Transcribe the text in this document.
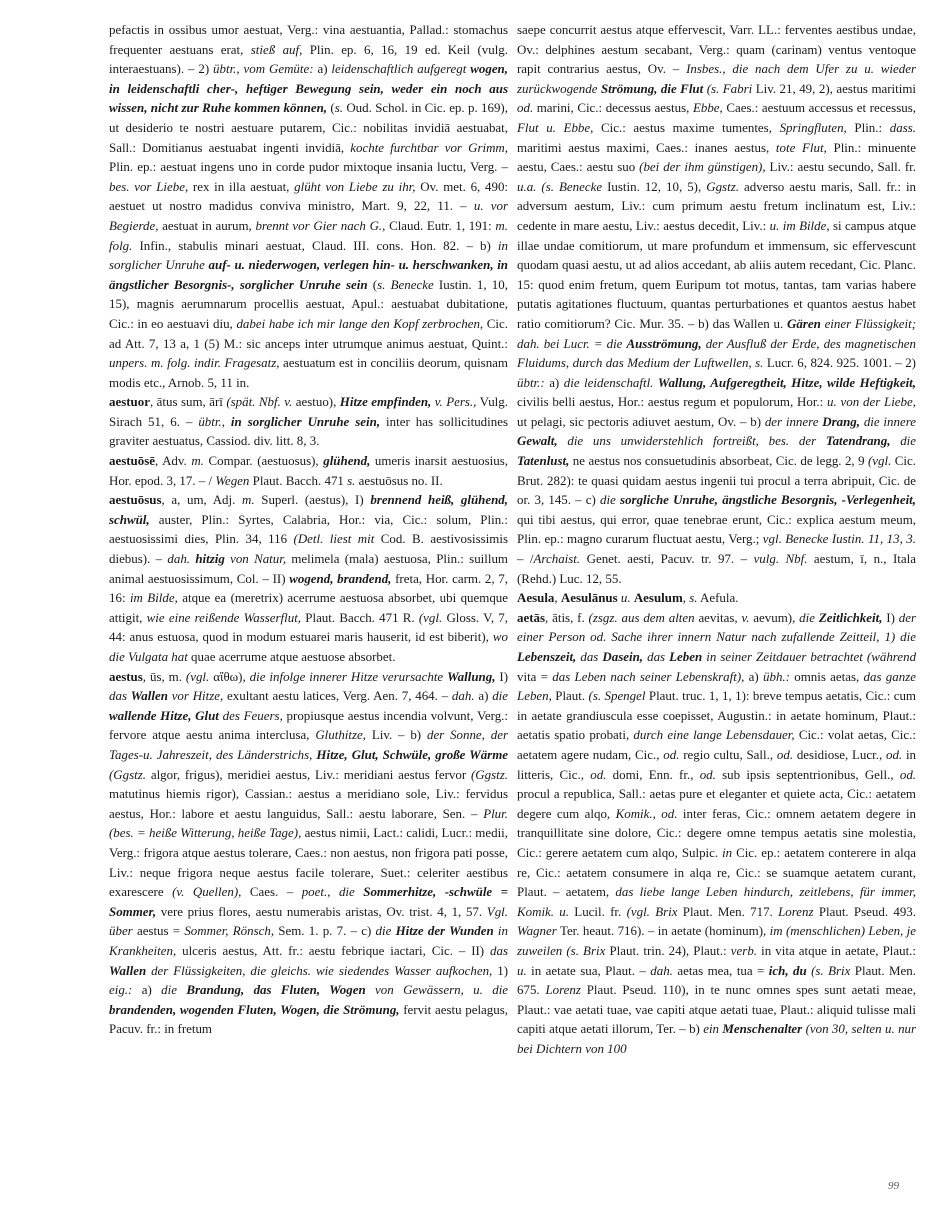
pefactis in ossibus umor aestuat, Verg.: vina aestuantia, Pallad.: stomachus frequenter aestuans erat, stieß auf, Plin. ep. 6, 16, 19 ed. Keil (vulg. interaestuans). – 2) übtr., vom Gemüte: a) leidenschaftlich aufgeregt wogen, in leidenschaftli cher-, heftiger Bewegung sein, weder ein noch aus wissen, nicht zur Ruhe kommen können, (s. Oud. Schol. in Cic. ep. p. 169), ut desiderio te nostri aestuare putarem, Cic.: nobilitas invidiā aestuabat, Sall.: Domitianus aestuabat ingenti invidiā, kochte furchtbar vor Grimm, Plin. ep.: aestuat ingens uno in corde pudor mixtoque insania luctu, Verg. – bes. vor Liebe, rex in illa aestuat, glüht von Liebe zu ihr, Ov. met. 6, 490: aestuet ut nostro madidus conviva ministro, Mart. 9, 22, 11. – u. vor Begierde, aestuat in aurum, brennt vor Gier nach G., Claud. Eutr. 1, 191: m. folg. Infin., stabulis minari aestuat, Claud. III. cons. Hon. 82. – b) in sorglicher Unruhe auf- u. niederwogen, verlegen hin- u. herschwanken, in ängstlicher Besorgnis-, sorglicher Unruhe sein (s. Benecke Iustin. 1, 10, 15), magnis aerumnarum procellis aestuat, Apul.: aestuabat dubitatione, Cic.: in eo aestuavi diu, dabei habe ich mir lange den Kopf zerbrochen, Cic. ad Att. 7, 13 a, 1 (5) M.: sic anceps inter utrumque animus aestuat, Quint.: unpers. m. folg. indir. Fragesatz, aestuatum est in conciliis deorum, quisnam modis etc., Arnob. 5, 11 in.

aestuor, ātus sum, ārī (spät. Nbf. v. aestuo), Hitze empfinden, v. Pers., Vulg. Sirach 51, 6. – übtr., in sorglicher Unruhe sein, inter has sollicitudines graviter aestuatus, Cassiod. div. litt. 8, 3.

aestuōsē, Adv. m. Compar. (aestuosus), glühend, umeris inarsit aestuosius, Hor. epod. 3, 17. – / Wegen Plaut. Bacch. 471 s. aestuōsus no. II.

aestuōsus, a, um, Adj. m. Superl. (aestus), I) brennend heiß, glühend, schwül, auster, Plin.: Syrtes, Calabria, Hor.: via, Cic.: solum, Plin.: aestuosissimi dies, Plin. 34, 116 (Detl. liest mit Cod. B. aestivosissimis diebus). – dah. hitzig von Natur, melimela (mala) aestuosa, Plin.: suillum animal aestuosissimum, Col. – II) wogend, brandend, freta, Hor. carm. 2, 7, 16: im Bilde, atque ea (meretrix) acerrume aestuosa absorbet, ubi quemque attigit, wie eine reißende Wasserflut, Plaut. Bacch. 471 R. (vgl. Gloss. V, 7, 44: anus estuosa, quod in modum estuarei maris hauserit, id est biberit), wo die Vulgata hat quae acerrume atque aestuose absorbet.

aestus, ūs, m. (vgl. αἴθω), die infolge innerer Hitze verursachte Wallung, I) das Wallen vor Hitze, exultant aestu latices, Verg. Aen. 7, 464. – dah. a) die wallende Hitze, Glut des Feuers, propiusque aestus incendia volvunt, Verg.: fervore atque aestu anima interclusa, Gluthitze, Liv. – b) der Sonne, der Tages-u. Jahreszeit, des Länderstrichs, Hitze, Glut, Schwüle, große Wärme (Ggstz. algor, frigus), meridiei aestus, Liv.: meridiani aestus fervor (Ggstz. matutinus hiemis rigor), Cassian.: aestus a meridiano sole, Liv.: fervidus aestus, Hor.: labore et aestu languidus, Sall.: aestu laborare, Sen. – Plur. (bes. = heiße Witterung, heiße Tage), aestus nimii, Lact.: calidi, Lucr.: medii, Verg.: frigora atque aestus tolerare, Caes.: non aestus, non frigora pati posse, Liv.: neque frigora neque aestus facile tolerare, Suet.: celeriter aestibus exarescere (v. Quellen), Caes. – poet., die Sommerhitze, -schwüle = Sommer, vere prius flores, aestu numerabis aristas, Ov. trist. 4, 1, 57. Vgl. über aestus = Sommer, Rönsch, Sem. 1. p. 7. – c) die Hitze der Wunden in Krankheiten, ulceris aestus, Att. fr.: aestu febrique iactari, Cic. – II) das Wallen der Flüssigkeiten, die gleichs. wie siedendes Wasser aufkochen, 1) eig.: a) die Brandung, das Fluten, Wogen von Gewässern, u. die brandenden, wogenden Fluten, Wogen, die Strömung, fervit aestu pelagus, Pacuv. fr.: in fretum

saepe concurrit aestus atque effervescit, Varr. LL.: ferventes aestibus undae, Ov.: delphines aestum secabant, Verg.: quam (carinam) ventus ventoque rapit contrarius aestus, Ov. – Insbes., die nach dem Ufer zu u. wieder zurückwogende Strömung, die Flut (s. Fabri Liv. 21, 49, 2), aestus maritimi od. marini, Cic.: decessus aestus, Ebbe, Caes.: aestuum accessus et recessus, Flut u. Ebbe, Cic.: aestus maxime tumentes, Springfluten, Plin.: dass. maritimi aestus maximi, Caes.: inanes aestus, tote Flut, Plin.: minuente aestu, Caes.: aestu suo (bei der ihm günstigen), Liv.: aestu secundo, Sall. fr. u.a. (s. Benecke Iustin. 12, 10, 5), Ggstz. adverso aestu maris, Sall. fr.: in adversum aestum, Liv.: cum primum aestu fretum inclinatum est, Liv.: cedente in mare aestu, Liv.: aestus decedit, Liv.: u. im Bilde, si campus atque illae undae comitiorum, ut mare profundum et immensum, sic effervescunt quodam quasi aestu, ut ad alios accedant, ab aliis autem recedant, Cic. Planc. 15: quod enim fretum, quem Euripum tot motus, tantas, tam varias habere putatis agitationes fluctuum, quantas perturbationes et quantos aestus habet ratio comitiorum? Cic. Mur. 35. – b) das Wallen u. Gären einer Flüssigkeit; dah. bei Lucr. = die Ausströmung, der Ausfluß der Erde, des magnetischen Fluidums, durch das Medium der Luftwellen, s. Lucr. 6, 824. 925. 1001. – 2) übtr.: a) die leidenschaftl. Wallung, Aufgeregtheit, Hitze, wilde Heftigkeit, civilis belli aestus, Hor.: aestus regum et populorum, Hor.: u. von der Liebe, ut pelagi, sic pectoris adiuvet aestum, Ov. – b) der innere Drang, die innere Gewalt, die uns unwiderstehlich fortreißt, bes. der Tatendrang, die Tatenlust, ne aestus nos consuetudinis absorbeat, Cic. de legg. 2, 9 (vgl. Cic. Brut. 282): te quasi quidam aestus ingenii tui procul a terra abripuit, Cic. de or. 3, 145. – c) die sorgliche Unruhe, ängstliche Besorgnis, -Verlegenheit, qui tibi aestus, qui error, quae tenebrae erunt, Cic.: explica aestum meum, Plin. ep.: magno curarum fluctuat aestu, Verg.; vgl. Benecke Iustin. 11, 13, 3. – /Archaist. Genet. aesti, Pacuv. tr. 97. – vulg. Nbf. aestum, ī, n., Itala (Rehd.) Luc. 12, 55.

Aesula, Aesulānus u. Aesulum, s. Aefula.

aetās, ātis, f. (zsgz. aus dem alten aevitas, v. aevum), die Zeitlichkeit, I) der einer Person od. Sache ihrer innern Natur nach zufallende Zeitteil, 1) die Lebenszeit, das Dasein, das Leben in seiner Zeitdauer betrachtet (während vita = das Leben nach seiner Lebenskraft), a) übh.: omnis aetas, das ganze Leben, Plaut. (s. Spengel Plaut. truc. 1, 1, 1): breve tempus aetatis, Cic.: cum in aetate grandiuscula esse coepisset, Augustin.: in aetate hominum, Plaut.: aetatis spatio probati, durch eine lange Lebensdauer, Cic.: volat aetas, Cic.: aetatem agere nudam, Cic., od. regio cultu, Sall., od. desidiose, Lucr., od. in litteris, Cic., od. domi, Enn. fr., od. sub ipsis septentrionibus, Gell., od. procul a republica, Sall.: aetas pure et eleganter et quiete acta, Cic.: aetatem degere cum alqo, Komik., od. inter feras, Cic.: omnem aetatem degere in tranquillitate sine dolore, Cic.: degere omne tempus aetatis sine molestia, Cic.: gerere aetatem cum alqo, Sulpic. in Cic. ep.: aetatem conterere in alqa re, Cic.: aetatem consumere in alqa re, Cic.: se suamque aetatem curant, Plaut. – aetatem, das liebe lange Leben hindurch, zeitlebens, für immer, Komik. u. Lucil. fr. (vgl. Brix Plaut. Men. 717. Lorenz Plaut. Pseud. 493. Wagner Ter. heaut. 716). – in aetate (hominum), im (menschlichen) Leben, je zuweilen (s. Brix Plaut. trin. 24), Plaut.: verb. in vita atque in aetate, Plaut.: u. in aetate sua, Plaut. – dah. aetas mea, tua = ich, du (s. Brix Plaut. Men. 675. Lorenz Plaut. Pseud. 110), in te nunc omnes spes sunt aetati meae, Plaut.: vae aetati tuae, vae capiti atque aetati tuae, Plaut.: aliquid tulisse mali capiti atque aetati illorum, Ter. – b) ein Menschenalter (von 30, selten u. nur bei Dichtern von 100

99
